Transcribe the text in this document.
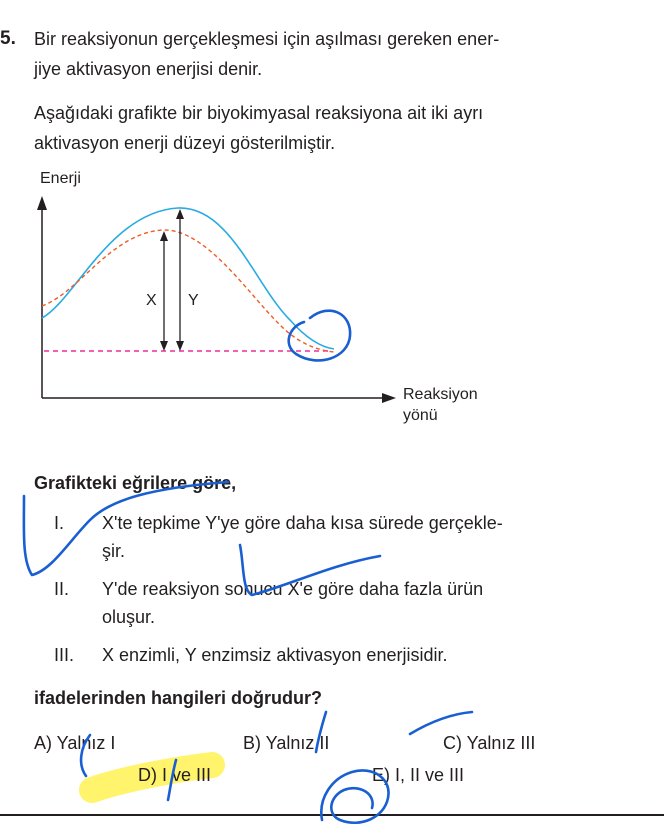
5. Bir reaksiyonun gerçekleşmesi için aşılması gereken ener-
jiye aktivasyon enerjisi denir.
Aşağıdaki grafikte bir biyokimyasal reaksiyona ait iki ayrı
aktivasyon enerji düzeyi gösterilmiştir.
Enerji
Reaksiyon
yönü
X Y
Grafikteki eğrilere göre,
I. X'te tepkime Y'ye göre daha kısa sürede gerçekle-
şir.
II. Y'de reaksiyon sonucu X'e göre daha fazla ürün
oluşur.
III. X enzimli, Y enzimsiz aktivasyon enerjisidir.
ifadelerinden hangileri doğrudur?
A) Yalnız I	B) Yalnız II	C) Yalnız III
D) I ve III	E) I, II ve III
